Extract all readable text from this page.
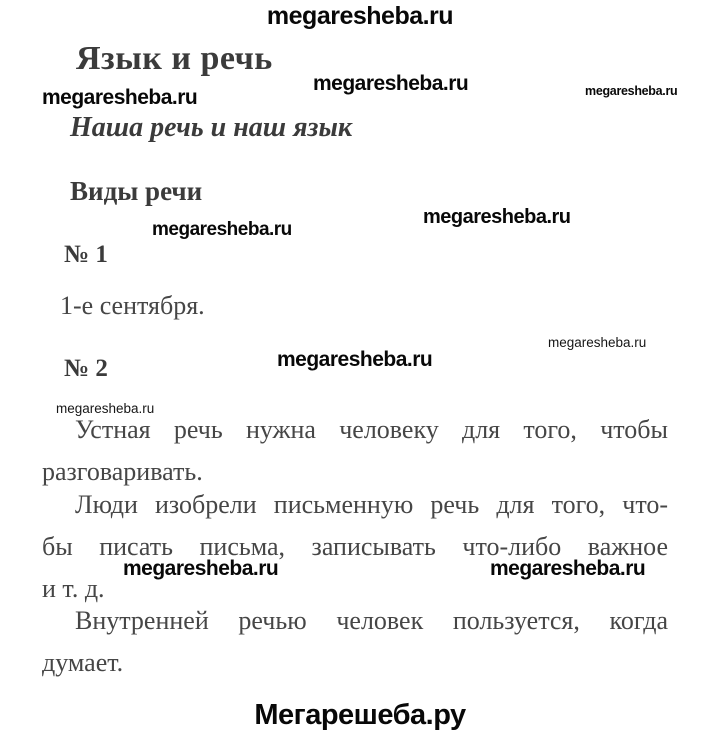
megaresheba.ru
megaresheba.ru	megaresheba.ru
megaresheba.ru
megaresheba.ru
megaresheba.ru
megaresheba.ru
megaresheba.ru
megaresheba.ru
megaresheba.ru	megaresheba.ru
Язык и речь
Наша речь и наш язык
Виды речи
№ 1
1-е сентября.
№ 2
Устная речь нужна человеку для того, чтобы
разговаривать.
Люди изобрели письменную речь для того, что-
бы писать письма, записывать что-либо важное
и т. д.
Внутренней речью человек пользуется, когда
думает.
Мегарешеба.ру
